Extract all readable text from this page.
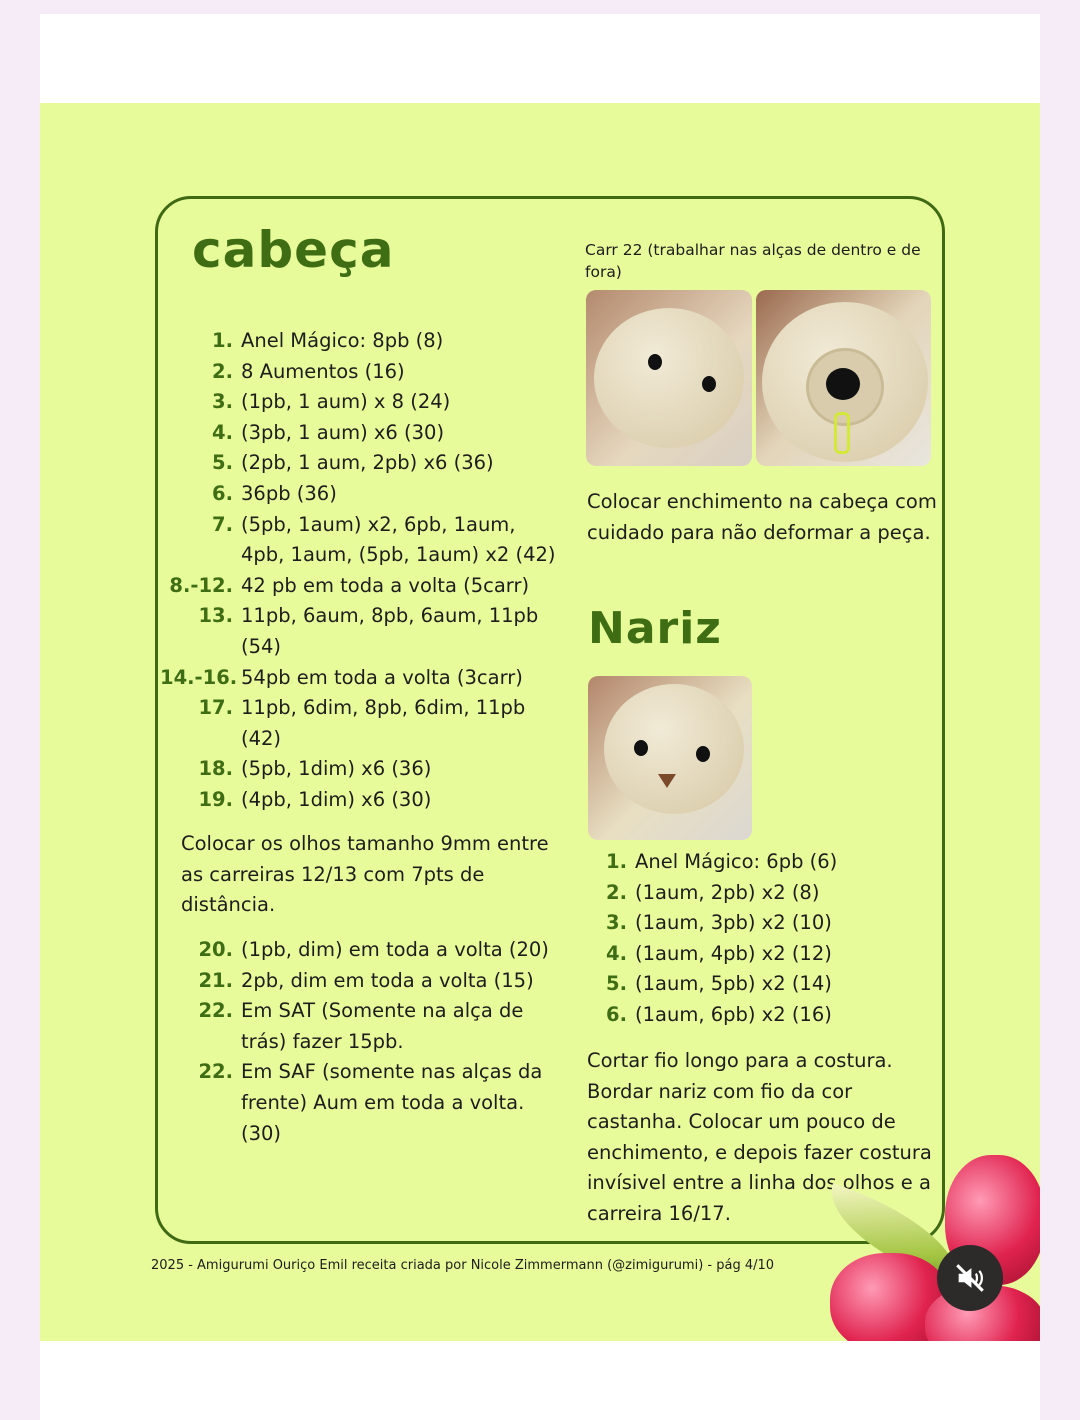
cabeça
1. Anel Mágico: 8pb (8)
2. 8 Aumentos (16)
3. (1pb, 1 aum) x 8 (24)
4. (3pb, 1 aum) x6 (30)
5. (2pb, 1 aum, 2pb) x6 (36)
6. 36pb (36)
7. (5pb, 1aum) x2, 6pb, 1aum, 4pb, 1aum, (5pb, 1aum) x2 (42)
8.-12. 42 pb em toda a volta (5carr)
13. 11pb, 6aum, 8pb, 6aum, 11pb (54)
14.-16. 54pb em toda a volta (3carr)
17. 11pb, 6dim, 8pb, 6dim, 11pb (42)
18. (5pb, 1dim) x6 (36)
19. (4pb, 1dim) x6 (30)

Colocar os olhos tamanho 9mm entre as carreiras 12/13 com 7pts de distância.

20. (1pb, dim) em toda a volta (20)
21. 2pb, dim em toda a volta (15)
22. Em SAT (Somente na alça de trás) fazer 15pb.
22. Em SAF (somente nas alças da frente) Aum em toda a volta. (30)

Carr 22 (trabalhar nas alças de dentro e de fora)

Colocar enchimento na cabeça com cuidado para não deformar a peça.

Nariz
1. Anel Mágico: 6pb (6)
2. (1aum, 2pb) x2 (8)
3. (1aum, 3pb) x2 (10)
4. (1aum, 4pb) x2 (12)
5. (1aum, 5pb) x2 (14)
6. (1aum, 6pb) x2 (16)

Cortar fio longo para a costura. Bordar nariz com fio da cor castanha. Colocar um pouco de enchimento, e depois fazer costura invísivel entre a linha dos olhos e a carreira 16/17.

2025 - Amigurumi Ouriço Emil receita criada por Nicole Zimmermann (@zimigurumi) - pág 4/10
